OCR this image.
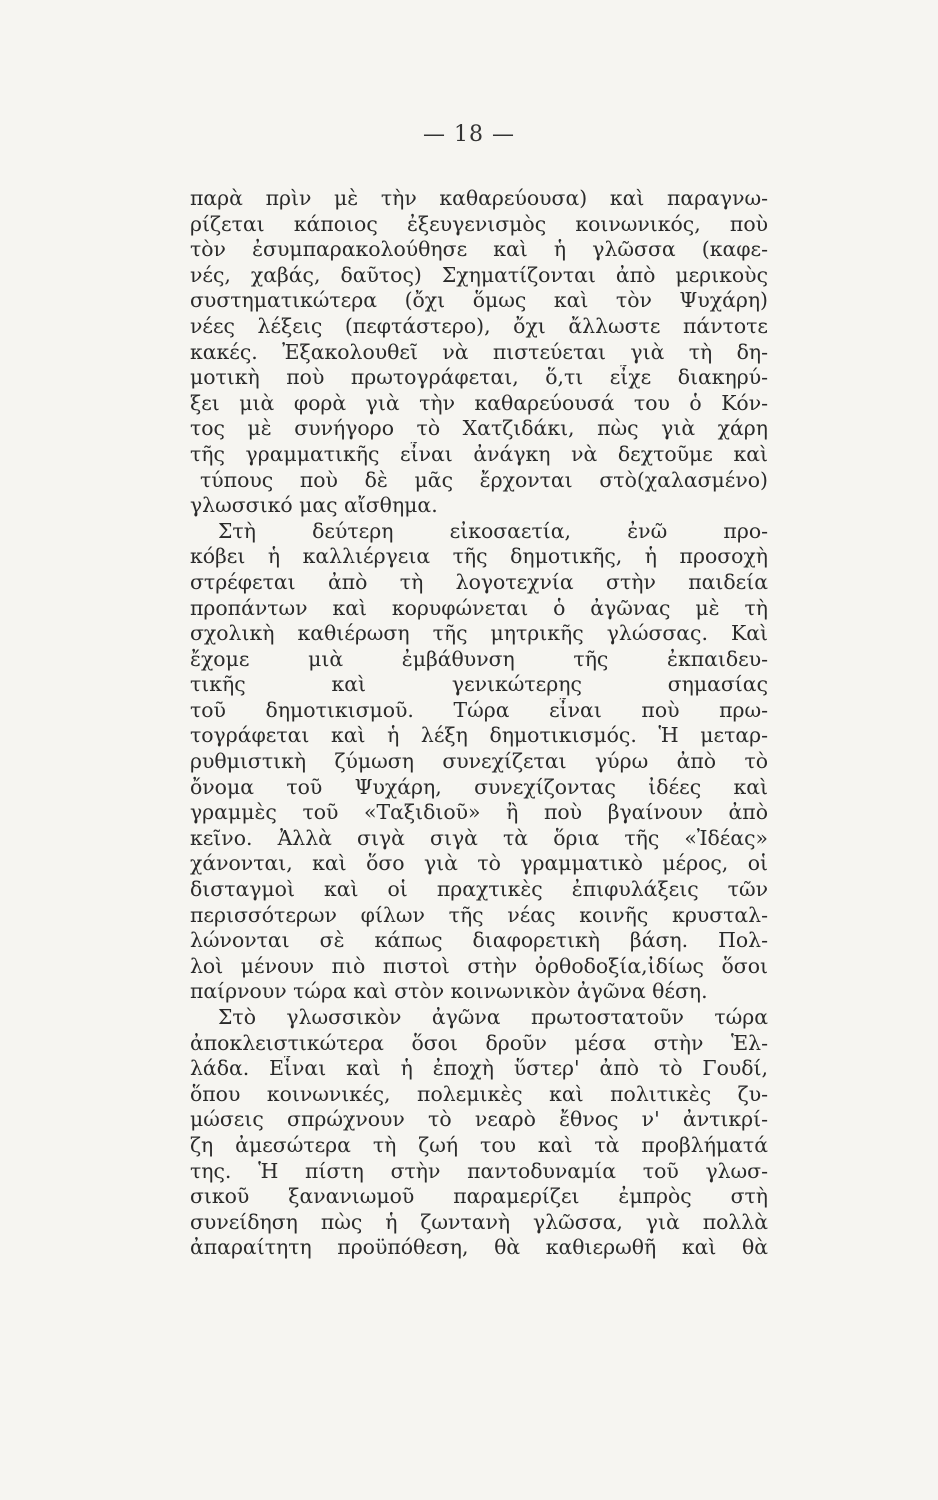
— 18 —
παρὰ πρὶν μὲ τὴν καθαρεύουσα) καὶ παραγνω-
ρίζεται κάποιος ἐξευγενισμὸς κοινωνικός, ποὺ
τὸν ἐσυμπαρακολούθησε καὶ ἡ γλῶσσα (καφε-
νές, χαβάς, δαῦτος) Σχηματίζονται ἀπὸ μερικοὺς
συστηματικώτερα (ὄχι ὅμως καὶ τὸν Ψυχάρη)
νέες λέξεις (πεφτάστερο), ὄχι ἄλλωστε πάντοτε
κακές. Ἐξακολουθεῖ νὰ πιστεύεται γιὰ τὴ δη-
μοτικὴ ποὺ πρωτογράφεται, ὅ,τι εἶχε διακηρύ-
ξει μιὰ φορὰ γιὰ τὴν καθαρεύουσά του ὁ Κόν-
τος μὲ συνήγορο τὸ Χατζιδάκι, πὼς γιὰ χάρη
τῆς γραμματικῆς εἶναι ἀνάγκη νὰ δεχτοῦμε καὶ
τύπους ποὺ δὲ μᾶς ἔρχονται στὸ(χαλασμένο)
γλωσσικό μας αἴσθημα.
Στὴ δεύτερη εἰκοσαετία, ἐνῶ προ-
κόβει ἡ καλλιέργεια τῆς δημοτικῆς, ἡ προσοχὴ
στρέφεται ἀπὸ τὴ λογοτεχνία στὴν παιδεία
προπάντων καὶ κορυφώνεται ὁ ἀγῶνας μὲ τὴ
σχολικὴ καθιέρωση τῆς μητρικῆς γλώσσας. Καὶ
ἔχομε μιὰ ἐμβάθυνση τῆς ἐκπαιδευ-
τικῆς καὶ γενικώτερης σημασίας
τοῦ δημοτικισμοῦ. Τώρα εἶναι ποὺ πρω-
τογράφεται καὶ ἡ λέξη δημοτικισμός. Ἡ μεταρ-
ρυθμιστικὴ ζύμωση συνεχίζεται γύρω ἀπὸ τὸ
ὄνομα τοῦ Ψυχάρη, συνεχίζοντας ἰδέες καὶ
γραμμὲς τοῦ «Ταξιδιοῦ» ἢ ποὺ βγαίνουν ἀπὸ
κεῖνο. Ἀλλὰ σιγὰ σιγὰ τὰ ὅρια τῆς «Ἰδέας»
χάνονται, καὶ ὅσο γιὰ τὸ γραμματικὸ μέρος, οἱ
δισταγμοὶ καὶ οἱ πραχτικὲς ἐπιφυλάξεις τῶν
περισσότερων φίλων τῆς νέας κοινῆς κρυσταλ-
λώνονται σὲ κάπως διαφορετικὴ βάση. Πολ-
λοὶ μένουν πιὸ πιστοὶ στὴν ὀρθοδοξία,ἰδίως ὅσοι
παίρνουν τώρα καὶ στὸν κοινωνικὸν ἀγῶνα θέση.
Στὸ γλωσσικὸν ἀγῶνα πρωτοστατοῦν τώρα
ἀποκλειστικώτερα ὅσοι δροῦν μέσα στὴν Ἑλ-
λάδα. Εἶναι καὶ ἡ ἐποχὴ ὕστερ' ἀπὸ τὸ Γουδί,
ὅπου κοινωνικές, πολεμικὲς καὶ πολιτικὲς ζυ-
μώσεις σπρώχνουν τὸ νεαρὸ ἔθνος ν' ἀντικρί-
ζη ἀμεσώτερα τὴ ζωή του καὶ τὰ προβλήματά
της. Ἡ πίστη στὴν παντοδυναμία τοῦ γλωσ-
σικοῦ ξανανιωμοῦ παραμερίζει ἐμπρὸς στὴ
συνείδηση πὼς ἡ ζωντανὴ γλῶσσα, γιὰ πολλὰ
ἀπαραίτητη προϋπόθεση, θὰ καθιερωθῆ καὶ θὰ
